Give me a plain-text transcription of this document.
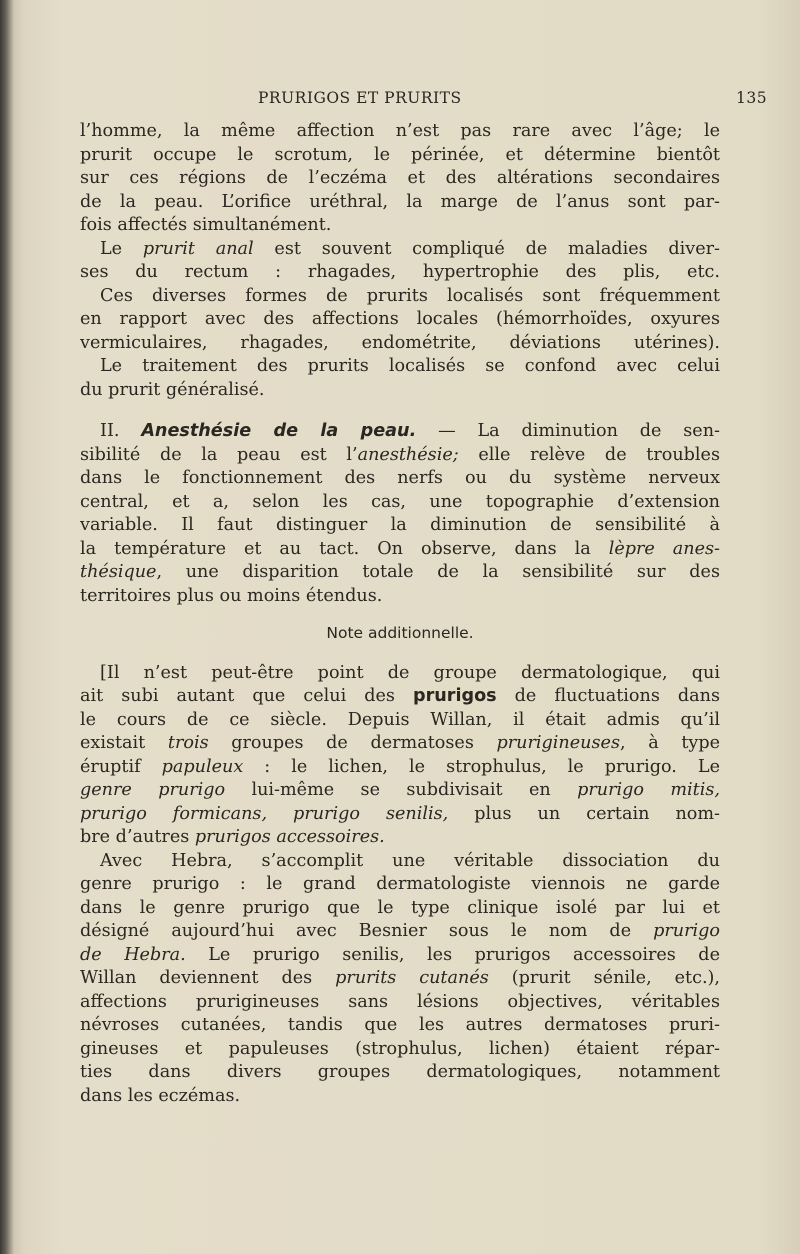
PRURIGOS ET PRURITS	135
l’homme, la même affection n’est pas rare avec l’âge; le
prurit occupe le scrotum, le périnée, et détermine bientôt
sur ces régions de l’eczéma et des altérations secondaires
de la peau. L’orifice uréthral, la marge de l’anus sont par-
fois affectés simultanément.
Le prurit anal est souvent compliqué de maladies diver-
ses du rectum : rhagades, hypertrophie des plis, etc.
Ces diverses formes de prurits localisés sont fréquemment
en rapport avec des affections locales (hémorrhoïdes, oxyures
vermiculaires, rhagades, endométrite, déviations utérines).
Le traitement des prurits localisés se confond avec celui
du prurit généralisé.
II. Anesthésie de la peau. — La diminution de sen-
sibilité de la peau est l’anesthésie; elle relève de troubles
dans le fonctionnement des nerfs ou du système nerveux
central, et a, selon les cas, une topographie d’extension
variable. Il faut distinguer la diminution de sensibilité à
la température et au tact. On observe, dans la lèpre anes-
thésique, une disparition totale de la sensibilité sur des
territoires plus ou moins étendus.
Note additionnelle.
[Il n’est peut-être point de groupe dermatologique, qui
ait subi autant que celui des prurigos de fluctuations dans
le cours de ce siècle. Depuis Willan, il était admis qu’il
existait trois groupes de dermatoses prurigineuses, à type
éruptif papuleux : le lichen, le strophulus, le prurigo. Le
genre prurigo lui-même se subdivisait en prurigo mitis,
prurigo formicans, prurigo senilis, plus un certain nom-
bre d’autres prurigos accessoires.
Avec Hebra, s’accomplit une véritable dissociation du
genre prurigo : le grand dermatologiste viennois ne garde
dans le genre prurigo que le type clinique isolé par lui et
désigné aujourd’hui avec Besnier sous le nom de prurigo
de Hebra. Le prurigo senilis, les prurigos accessoires de
Willan deviennent des prurits cutanés (prurit sénile, etc.),
affections prurigineuses sans lésions objectives, véritables
névroses cutanées, tandis que les autres dermatoses pruri-
gineuses et papuleuses (strophulus, lichen) étaient répar-
ties dans divers groupes dermatologiques, notamment
dans les eczémas.
